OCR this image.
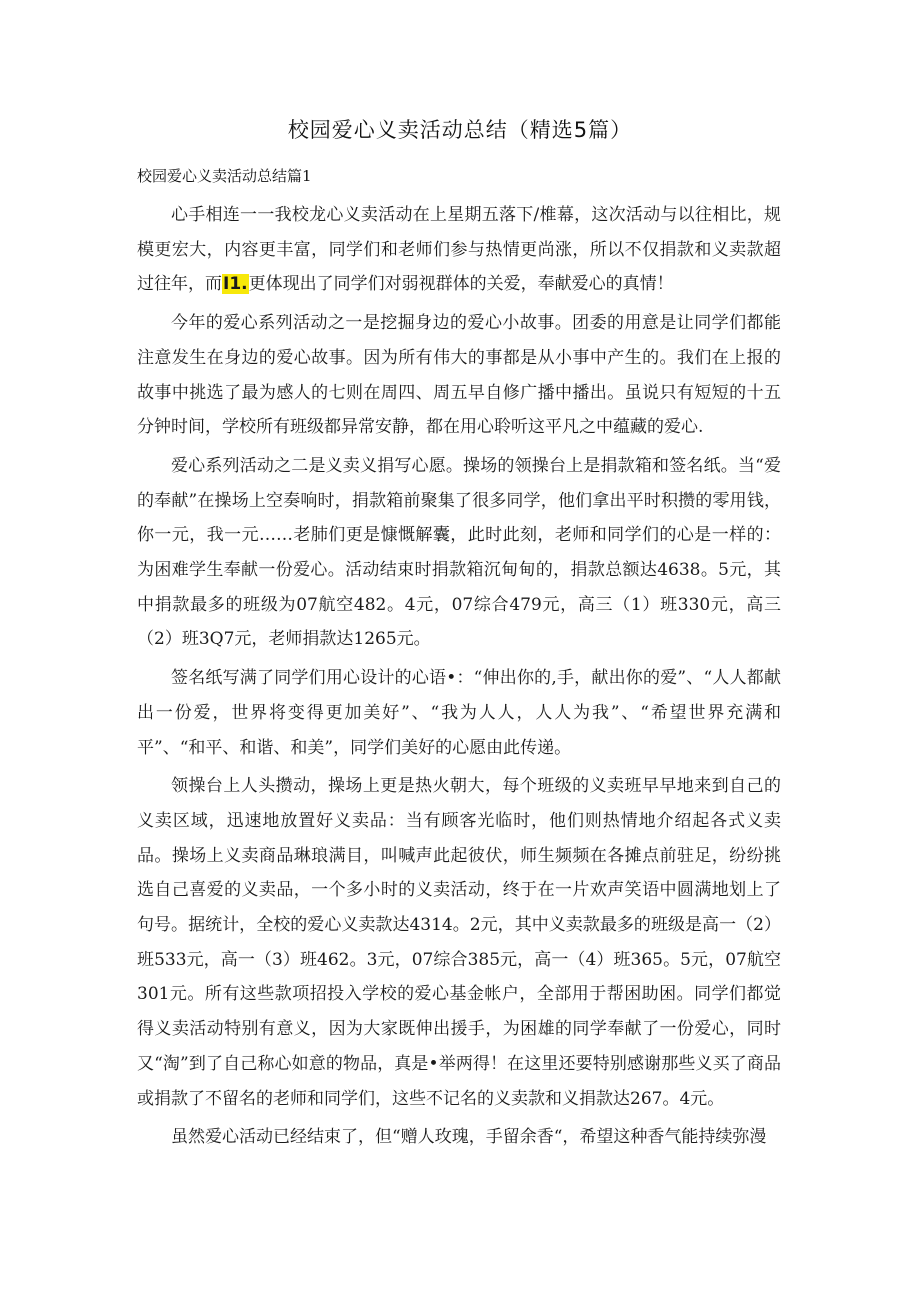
校园爱心义卖活动总结（精选5篇）
校园爱心义卖活动总结篇1

心手相连一一我校龙心义卖活动在上星期五落下/椎幕，这次活动与以往相比，规模更宏大，内容更丰富，同学们和老师们参与热情更尚涨，所以不仅捐款和义卖款超过往年，而I1.更体现出了同学们对弱视群体的关爱，奉献爱心的真情！

今年的爱心系列活动之一是挖掘身边的爱心小故事。团委的用意是让同学们都能注意发生在身边的爱心故事。因为所有伟大的事都是从小事中产生的。我们在上报的故事中挑选了最为感人的七则在周四、周五早自修广播中播出。虽说只有短短的十五分钟时间，学校所有班级都异常安静，都在用心聆听这平凡之中蕴藏的爱心.

爱心系列活动之二是义卖义捐写心愿。操场的领操台上是捐款箱和签名纸。当“爱的奉献”在操场上空奏响时，捐款箱前聚集了很多同学，他们拿出平时积攒的零用钱，你一元，我一元……老肺们更是慷慨解囊，此时此刻，老师和同学们的心是一样的：为困难学生奉献一份爱心。活动结束时捐款箱沉甸甸的，捐款总额达4638。5元，其中捐款最多的班级为07航空482。4元，07综合479元，高三（1）班330元，高三（2）班3Q7元，老师捐款达1265元。

签名纸写满了同学们用心设计的心语•：“伸出你的,手，献出你的爱”、“人人都献出一份爱，世界将变得更加美好”、“我为人人，人人为我”、“希望世界充满和平”、“和平、和谐、和美”，同学们美好的心愿由此传递。

领操台上人头攒动，操场上更是热火朝大，每个班级的义卖班早早地来到自己的义卖区域，迅速地放置好义卖品：当有顾客光临时，他们则热情地介绍起各式义卖品。操场上义卖商品琳琅满目，叫喊声此起彼伏，师生频频在各摊点前驻足，纷纷挑选自己喜爱的义卖品，一个多小时的义卖活动，终于在一片欢声笑语中圆满地划上了句号。据统计，全校的爱心义卖款达4314。2元，其中义卖款最多的班级是高一（2）班533元，高一（3）班462。3元，07综合385元，高一（4）班365。5元，07航空301元。所有这些款项招投入学校的爱心基金帐户，全部用于帮困助困。同学们都觉得义卖活动特别有意义，因为大家既伸出援手，为困雄的同学奉献了一份爱心，同时又“淘”到了自己称心如意的物品，真是•举两得！在这里还要特别感谢那些义买了商品或捐款了不留名的老师和同学们，这些不记名的义卖款和义捐款达267。4元。

虽然爱心活动已经结束了，但“赠人玫瑰，手留余香“，希望这种香气能持续弥漫
